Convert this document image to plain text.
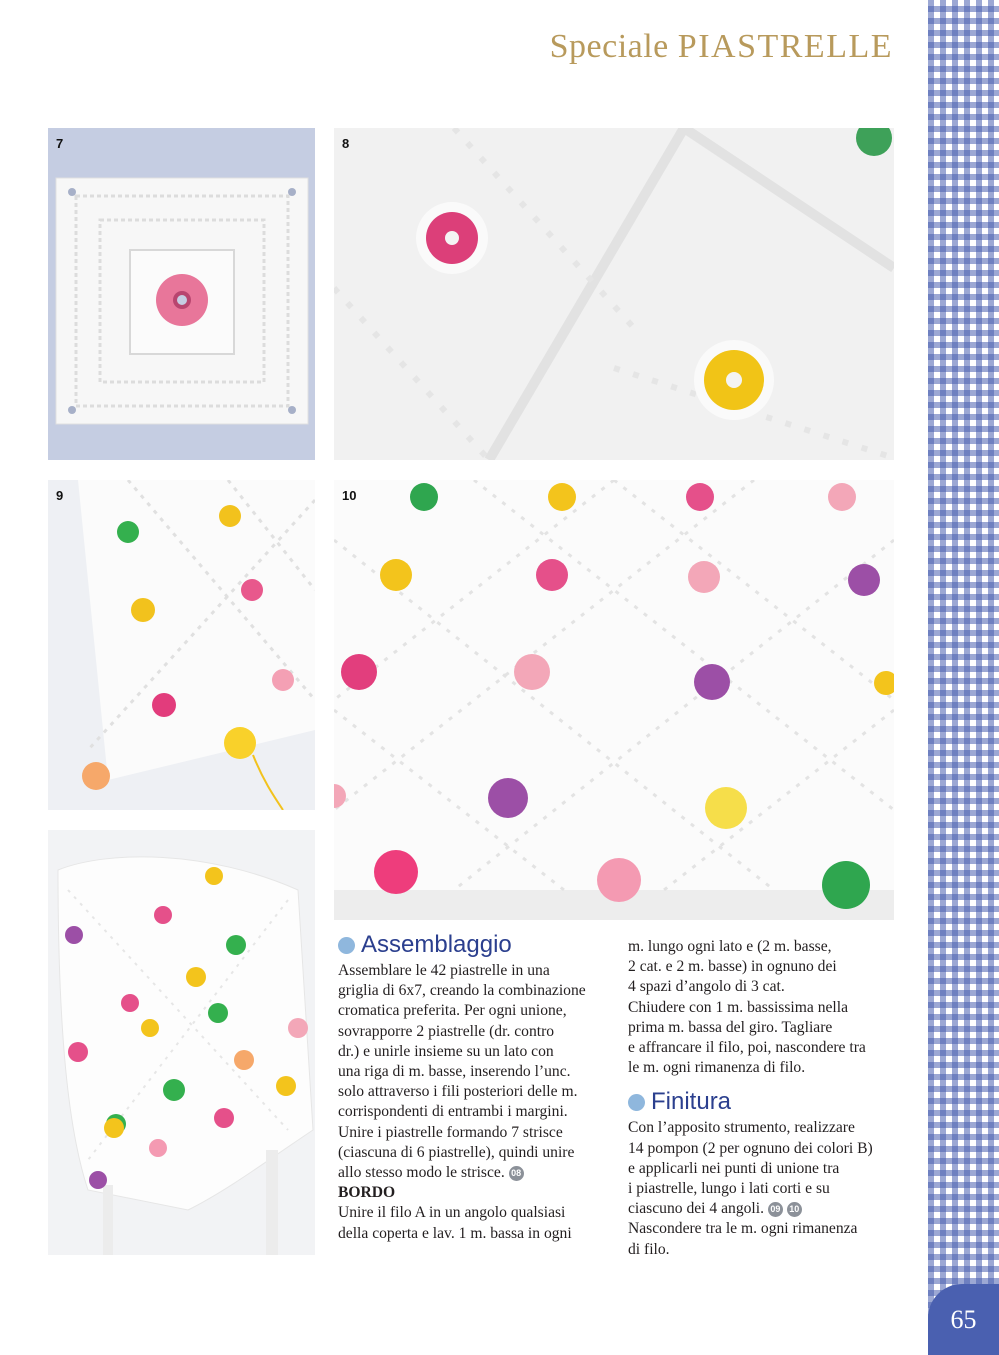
65
Speciale PIASTRELLE
7	8
9	10
Assemblaggio

Assemblare le 42 piastrelle in una

griglia di 6x7, creando la combinazione

cromatica preferita. Per ogni unione,

sovrapporre 2 piastrelle (dr. contro

dr.) e unirle insieme su un lato con

una riga di m. basse, inserendo l’unc.

solo attraverso i fili posteriori delle m.

corrispondenti di entrambi i margini.

Unire i piastrelle formando 7 strisce

(ciascuna di 6 piastrelle), quindi unire

allo stesso modo le strisce. 08

BORDO

Unire il filo A in un angolo qualsiasi

della coperta e lav. 1 m. bassa in ogni

m. lungo ogni lato e (2 m. basse,

2 cat. e 2 m. basse) in ognuno dei

4 spazi d’angolo di 3 cat.

Chiudere con 1 m. bassissima nella

prima m. bassa del giro. Tagliare

e affrancare il filo, poi, nascondere tra

le m. ogni rimanenza di filo.

Finitura

Con l’apposito strumento, realizzare

14 pompon (2 per ognuno dei colori B)

e applicarli nei punti di unione tra

i piastrelle, lungo i lati corti e su

ciascuno dei 4 angoli. 09 10

Nascondere tra le m. ogni rimanenza

di filo.
